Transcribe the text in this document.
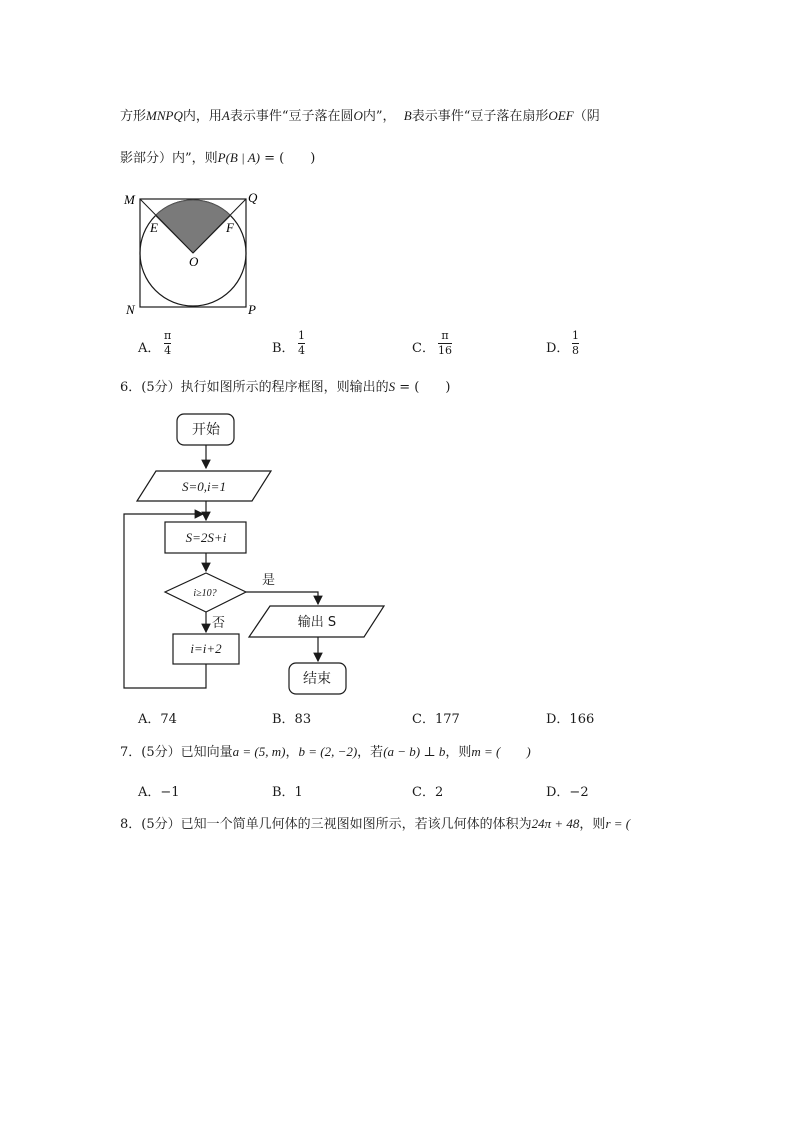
方形MNPQ内，用A表示事件“豆子落在圆O内”， B表示事件“豆子落在扇形OEF（阴
影部分）内”，则P(B | A) = (　　)
M	Q
N	P
E	F
O
A．
π
4	B．
1
4	C．
π
16	D．
1
8
6．(5分）执行如图所示的程序框图，则输出的S = (　　)
开始
S=0,i=1
S=2S+i
i≥10?
是
否
i=i+2
输出 S
结束
A．74	B．83	C．177	D．166
7．(5分）已知向量a = (5, m)，b = (2, −2)，若(a − b) ⊥ b，则m = (　　)
A．−1	B．1	C．2	D．−2
8．(5分）已知一个简单几何体的三视图如图所示，若该几何体的体积为24π + 48，则r = (
